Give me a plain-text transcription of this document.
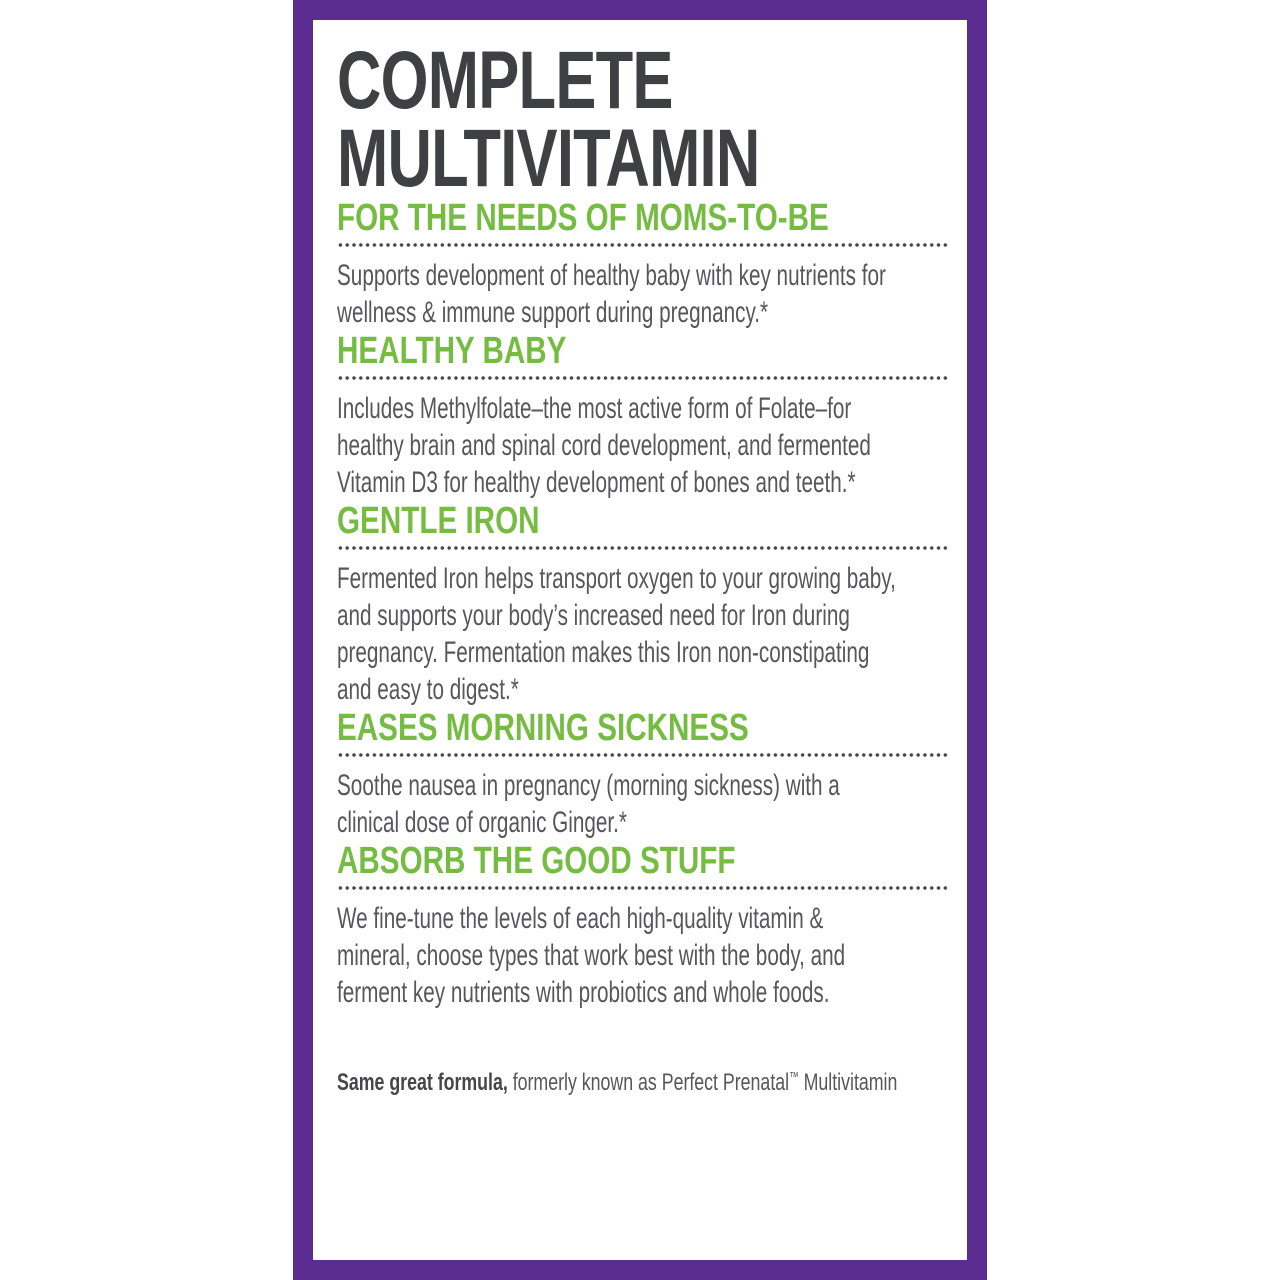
COMPLETE
MULTIVITAMIN
FOR THE NEEDS OF MOMS-TO-BE
Supports development of healthy baby with key nutrients for
wellness & immune support during pregnancy.*
HEALTHY BABY
Includes Methylfolate–the most active form of Folate–for
healthy brain and spinal cord development, and fermented
Vitamin D3 for healthy development of bones and teeth.*
GENTLE IRON
Fermented Iron helps transport oxygen to your growing baby,
and supports your body’s increased need for Iron during
pregnancy. Fermentation makes this Iron non-constipating
and easy to digest.*
EASES MORNING SICKNESS
Soothe nausea in pregnancy (morning sickness) with a
clinical dose of organic Ginger.*
ABSORB THE GOOD STUFF
We fine-tune the levels of each high-quality vitamin &
mineral, choose types that work best with the body, and
ferment key nutrients with probiotics and whole foods.

Same great formula, formerly known as Perfect Prenatal™ Multivitamin
